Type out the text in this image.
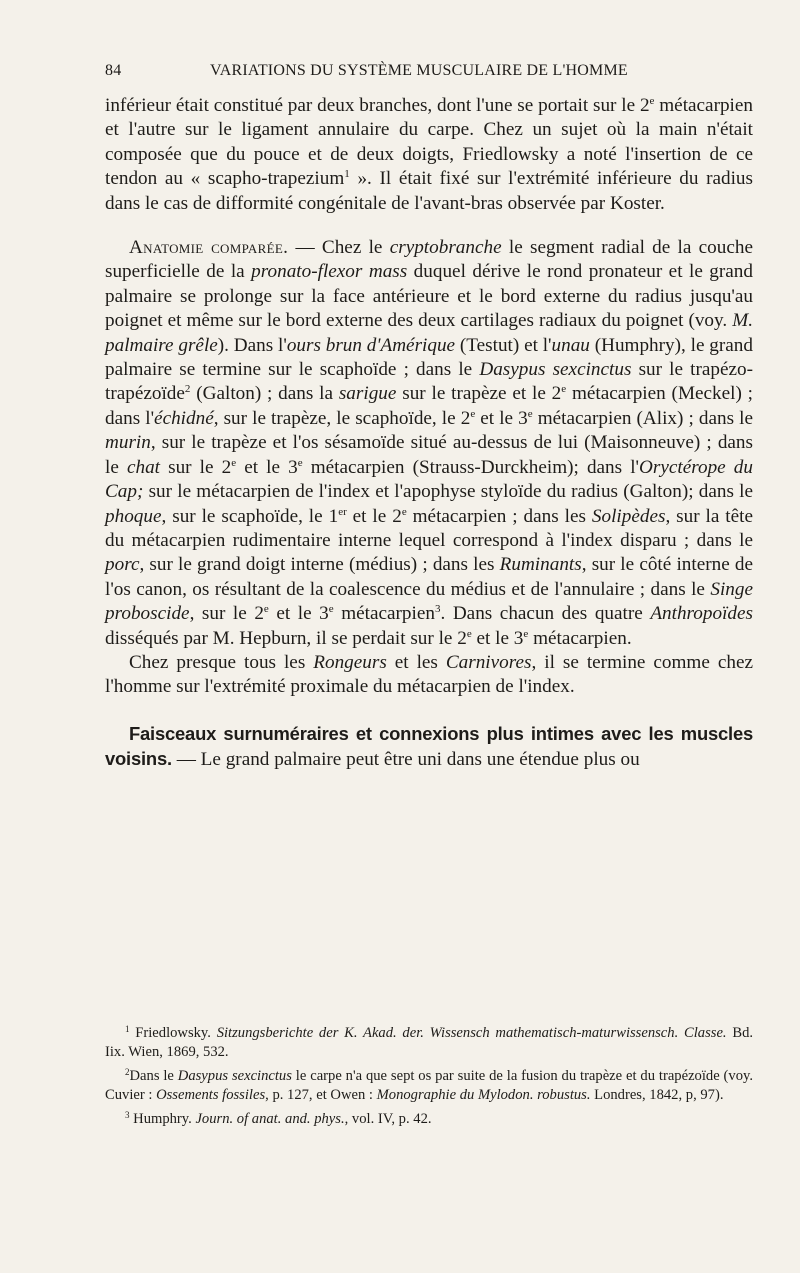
84	VARIATIONS DU SYSTÈME MUSCULAIRE DE L'HOMME

inférieur était constitué par deux branches, dont l'une se portait sur le 2e métacarpien et l'autre sur le ligament annulaire du carpe. Chez un sujet où la main n'était composée que du pouce et de deux doigts, Friedlowsky a noté l'insertion de ce tendon au « scapho-trapezium$^1$ ». Il était fixé sur l'extrémité inférieure du radius dans le cas de difformité congénitale de l'avant-bras observée par Koster.

Anatomie comparée. — Chez le cryptobranche le segment radial de la couche superficielle de la pronato-flexor mass duquel dérive le rond pronateur et le grand palmaire se prolonge sur la face antérieure et le bord externe du radius jusqu'au poignet et même sur le bord externe des deux cartilages radiaux du poignet (voy. M. palmaire grêle). Dans l'ours brun d'Amérique (Testut) et l'unau (Humphry), le grand palmaire se termine sur le scaphoïde ; dans le Dasypus sexcinctus sur le trapézo-trapézoïde$^2$ (Galton) ; dans la sarigue sur le trapèze et le 2e métacarpien (Meckel) ; dans l'échidné, sur le trapèze, le scaphoïde, le 2e et le 3e métacarpien (Alix) ; dans le murin, sur le trapèze et l'os sésamoïde situé au-dessus de lui (Maisonneuve) ; dans le chat sur le 2e et le 3e métacarpien (Strauss-Durckheim); dans l'Oryctérope du Cap; sur le métacarpien de l'index et l'apophyse styloïde du radius (Galton); dans le phoque, sur le scaphoïde, le 1er et le 2e métacarpien ; dans les Solipèdes, sur la tête du métacarpien rudimentaire interne lequel correspond à l'index disparu ; dans le porc, sur le grand doigt interne (médius) ; dans les Ruminants, sur le côté interne de l'os canon, os résultant de la coalescence du médius et de l'annulaire ; dans le Singe proboscide, sur le 2e et le 3e métacarpien$^3$. Dans chacun des quatre Anthropoïdes disséqués par M. Hepburn, il se perdait sur le 2e et le 3e métacarpien.

Chez presque tous les Rongeurs et les Carnivores, il se termine comme chez l'homme sur l'extrémité proximale du métacarpien de l'index.

Faisceaux surnuméraires et connexions plus intimes avec les muscles voisins. — Le grand palmaire peut être uni dans une étendue plus ou

$^1$ Friedlowsky. Sitzungsberichte der K. Akad. der. Wissensch mathematisch-maturwissensch. Classe. Bd. Iix. Wien, 1869, 532.

$^2$Dans le Dasypus sexcinctus le carpe n'a que sept os par suite de la fusion du trapèze et du trapézoïde (voy. Cuvier : Ossements fossiles, p. 127, et Owen : Monographie du Mylodon. robustus. Londres, 1842, p, 97).

$^3$ Humphry. Journ. of anat. and. phys., vol. IV, p. 42.
